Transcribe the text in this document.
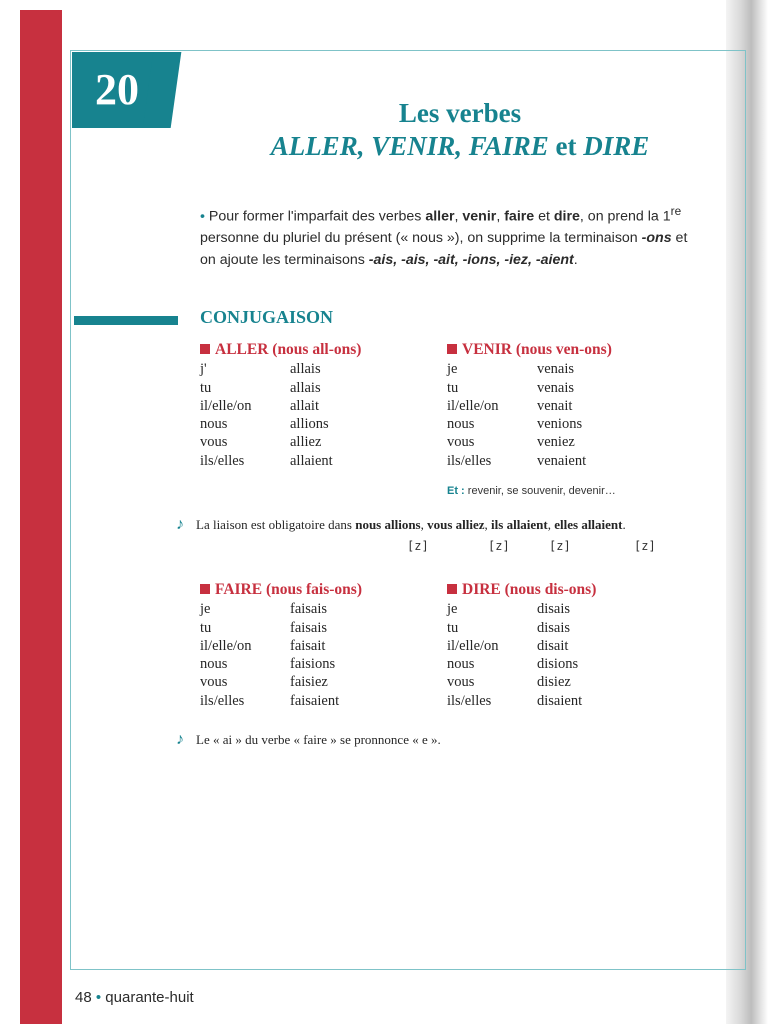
20	Les verbes
ALLER, VENIR, FAIRE et DIRE
• Pour former l'imparfait des verbes aller, venir, faire et dire, on prend la 1re personne du pluriel du présent (« nous »), on supprime la terminaison -ons et on ajoute les terminaisons -ais, -ais, -ait, -ions, -iez, -aient.
CONJUGAISON
ALLER (nous all-ons)
j'	allais
tu	allais
il/elle/on	allait
nous	allions
vous	alliez
ils/elles	allaient
VENIR (nous ven-ons)
je	venais
tu	venais
il/elle/on	venait
nous	venions
vous	veniez
ils/elles	venaient
Et : revenir, se souvenir, devenir…
♪ La liaison est obligatoire dans nous allions, vous alliez, ils allaient, elles allaient.
[z]	[z]	[z]	[z]
FAIRE (nous fais-ons)
je	faisais
tu	faisais
il/elle/on	faisait
nous	faisions
vous	faisiez
ils/elles	faisaient
DIRE (nous dis-ons)
je	disais
tu	disais
il/elle/on	disait
nous	disions
vous	disiez
ils/elles	disaient
♪ Le « ai » du verbe « faire » se pronnonce « e ».
48 • quarante-huit
